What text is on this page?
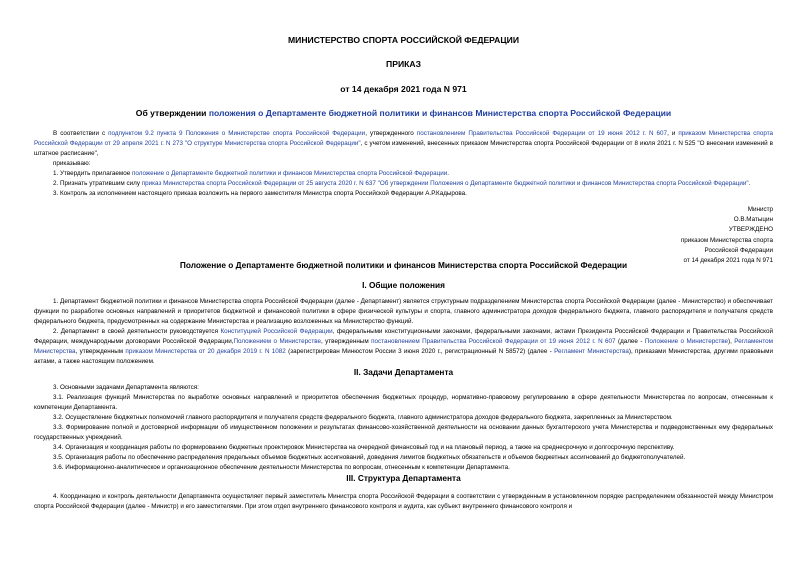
МИНИСТЕРСТВО СПОРТА РОССИЙСКОЙ ФЕДЕРАЦИИ
ПРИКАЗ
от 14 декабря 2021 года N 971
Об утверждении положения о Департаменте бюджетной политики и финансов Министерства спорта Российской Федерации

В соответствии с подпунктом 9.2 пункта 9 Положения о Министерстве спорта Российской Федерации, утвержденного постановлением Правительства Российской Федерации от 19 июня 2012 г. N 607, и приказом Министерства спорта Российской Федерации от 29 апреля 2021 г. N 273 "О структуре Министерства спорта Российской Федерации", с учетом изменений, внесенных приказом Министерства спорта Российской Федерации от 8 июля 2021 г. N 525 "О внесении изменений в штатное расписание",

приказываю:

1. Утвердить прилагаемое положение о Департаменте бюджетной политики и финансов Министерства спорта Российской Федерации.

2. Признать утратившим силу приказ Министерства спорта Российской Федерации от 25 августа 2020 г. N 637 "Об утверждении Положения о Департаменте бюджетной политики и финансов Министерства спорта Российской Федерации".

3. Контроль за исполнением настоящего приказа возложить на первого заместителя Министра спорта Российской Федерации А.Р.Кадырова.

Министр
О.В.Матыцин
УТВЕРЖДЕНО
приказом Министерства спорта
Российской Федерации
от 14 декабря 2021 года N 971
Положение о Департаменте бюджетной политики и финансов Министерства спорта Российской Федерации
I. Общие положения

1. Департамент бюджетной политики и финансов Министерства спорта Российской Федерации (далее - Департамент) является структурным подразделением Министерства спорта Российской Федерации (далее - Министерство) и обеспечивает функции по разработке основных направлений и приоритетов бюджетной и финансовой политики в сфере физической культуры и спорта, главного администратора доходов федерального бюджета, главного распорядителя и получателя средств федерального бюджета, предусмотренных на содержание Министерства и реализацию возложенных на Министерство функций.

2. Департамент в своей деятельности руководствуется Конституцией Российской Федерации, федеральными конституционными законами, федеральными законами, актами Президента Российской Федерации и Правительства Российской Федерации, международными договорами Российской Федерации,Положением о Министерстве, утвержденным постановлением Правительства Российской Федерации от 19 июня 2012 г. N 607 (далее - Положение о Министерстве), Регламентом Министерства, утвержденным приказом Министерства от 20 декабря 2019 г. N 1082 (зарегистрирован Минюстом России 3 июня 2020 г., регистрационный N 58572) (далее - Регламент Министерства), приказами Министерства, другими правовыми актами, а также настоящим положением.

II. Задачи Департамента

3. Основными задачами Департамента являются:

3.1. Реализация функций Министерства по выработке основных направлений и приоритетов обеспечения бюджетных процедур, нормативно-правовому регулированию в сфере деятельности Министерства по вопросам, отнесенным к компетенции Департамента.

3.2. Осуществление бюджетных полномочий главного распорядителя и получателя средств федерального бюджета, главного администратора доходов федерального бюджета, закрепленных за Министерством.

3.3. Формирование полной и достоверной информации об имущественном положении и результатах финансово-хозяйственной деятельности на основании данных бухгалтерского учета Министерства и подведомственных ему федеральных государственных учреждений.

3.4. Организация и координация работы по формированию бюджетных проектировок Министерства на очередной финансовый год и на плановый период, а также на среднесрочную и долгосрочную перспективу.

3.5. Организация работы по обеспечению распределения предельных объемов бюджетных ассигнований, доведения лимитов бюджетных обязательств и объемов бюджетных ассигнований до бюджетополучателей.

3.6. Информационно-аналитическое и организационное обеспечение деятельности Министерства по вопросам, отнесенным к компетенции Департамента.

III. Структура Департамента

4. Координацию и контроль деятельности Департамента осуществляет первый заместитель Министра спорта Российской Федерации в соответствии с утвержденным в установленном порядке распределением обязанностей между Министром спорта Российской Федерации (далее - Министр) и его заместителями. При этом отдел внутреннего финансового контроля и аудита, как субъект внутреннего финансового контроля и
